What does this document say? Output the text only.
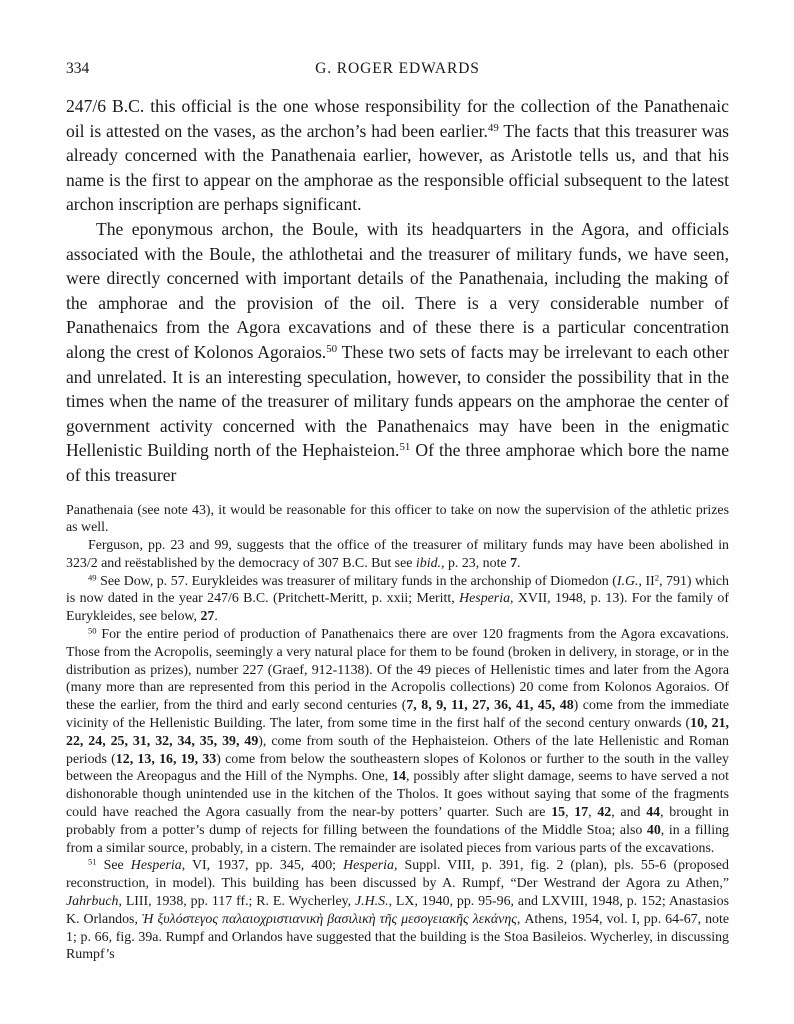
334	G. ROGER EDWARDS

247/6 B.C. this official is the one whose responsibility for the collection of the Panathenaic oil is attested on the vases, as the archon’s had been earlier.$^{49}$ The facts that this treasurer was already concerned with the Panathenaia earlier, however, as Aristotle tells us, and that his name is the first to appear on the amphorae as the responsible official subsequent to the latest archon inscription are perhaps significant.

The eponymous archon, the Boule, with its headquarters in the Agora, and officials associated with the Boule, the athlothetai and the treasurer of military funds, we have seen, were directly concerned with important details of the Panathenaia, including the making of the amphorae and the provision of the oil. There is a very considerable number of Panathenaics from the Agora excavations and of these there is a particular concentration along the crest of Kolonos Agoraios.$^{50}$ These two sets of facts may be irrelevant to each other and unrelated. It is an interesting speculation, however, to consider the possibility that in the times when the name of the treasurer of military funds appears on the amphorae the center of government activity concerned with the Panathenaics may have been in the enigmatic Hellenistic Building north of the Hephaisteion.$^{51}$ Of the three amphorae which bore the name of this treasurer

Panathenaia (see note 43), it would be reasonable for this officer to take on now the supervision of the athletic prizes as well.

Ferguson, pp. 23 and 99, suggests that the office of the treasurer of military funds may have been abolished in 323/2 and reëstablished by the democracy of 307 B.C. But see ibid., p. 23, note 7.

$^{49}$ See Dow, p. 57. Eurykleides was treasurer of military funds in the archonship of Diomedon (I.G., $II^2$, 791) which is now dated in the year 247/6 B.C. (Pritchett-Meritt, p. xxii; Meritt, Hesperia, XVII, 1948, p. 13). For the family of Eurykleides, see below, 27.

$^{50}$ For the entire period of production of Panathenaics there are over 120 fragments from the Agora excavations. Those from the Acropolis, seemingly a very natural place for them to be found (broken in delivery, in storage, or in the distribution as prizes), number 227 (Graef, 912-1138). Of the 49 pieces of Hellenistic times and later from the Agora (many more than are represented from this period in the Acropolis collections) 20 come from Kolonos Agoraios. Of these the earlier, from the third and early second centuries (7, 8, 9, 11, 27, 36, 41, 45, 48) come from the immediate vicinity of the Hellenistic Building. The later, from some time in the first half of the second century onwards (10, 21, 22, 24, 25, 31, 32, 34, 35, 39, 49), come from south of the Hephaisteion. Others of the late Hellenistic and Roman periods (12, 13, 16, 19, 33) come from below the southeastern slopes of Kolonos or further to the south in the valley between the Areopagus and the Hill of the Nymphs. One, 14, possibly after slight damage, seems to have served a not dishonorable though unintended use in the kitchen of the Tholos. It goes without saying that some of the fragments could have reached the Agora casually from the near-by potters’ quarter. Such are 15, 17, 42, and 44, brought in probably from a potter’s dump of rejects for filling between the foundations of the Middle Stoa; also 40, in a filling from a similar source, probably, in a cistern. The remainder are isolated pieces from various parts of the excavations.

$^{51}$ See Hesperia, VI, 1937, pp. 345, 400; Hesperia, Suppl. VIII, p. 391, fig. 2 (plan), pls. 55-6 (proposed reconstruction, in model). This building has been discussed by A. Rumpf, “Der Westrand der Agora zu Athen,” Jahrbuch, LIII, 1938, pp. 117 ff.; R. E. Wycherley, J.H.S., LX, 1940, pp. 95-96, and LXVIII, 1948, p. 152; Anastasios K. Orlandos, Ἡ ξυλόστεγος παλαιοχριστιανικὴ βασιλικὴ τῆς μεσογειακῆς λεκάνης, Athens, 1954, vol. I, pp. 64-67, note 1; p. 66, fig. 39a. Rumpf and Orlandos have suggested that the building is the Stoa Basileios. Wycherley, in discussing Rumpf’s
